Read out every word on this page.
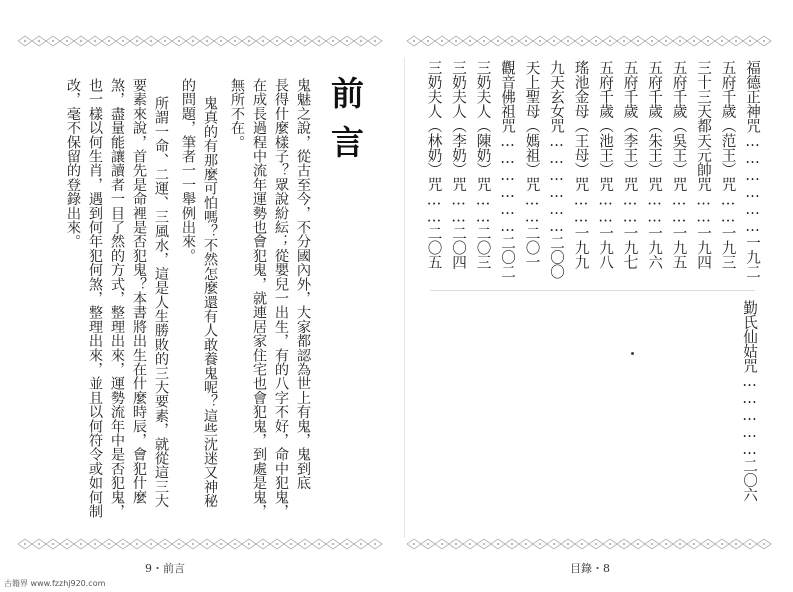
前言
鬼魅之說，從古至今，不分國內外，大家都認為世上有鬼，鬼到底
長得什麼樣子？眾說紛紜；從嬰兒一出生，有的八字不好，命中犯鬼，
在成長過程中流年運勢也會犯鬼，就連居家住宅也會犯鬼，到處是鬼，
無所不在。
鬼真的有那麼可怕嗎？不然怎麼還有人敢養鬼呢？這些沈迷又神秘
的問題，筆者一一舉例出來。
所謂一命、二運、三風水，這是人生勝敗的三大要素，就從這三大
要素來說，首先是命裡是否犯鬼？本書將出生在什麼時辰，會犯什麼
煞，盡量能讓讀者一目了然的方式，整理出來，運勢流年中是否犯鬼，
也一樣以何生肖，遇到何年犯何煞，整理出來，並且以何符令或如何制
改，毫不保留的登錄出來。
9・前言
福德正神咒………………一九二
五府千歲（范王）咒……一九三
三十三天都天元帥咒……一九四
五府千歲（吳王）咒……一九五
五府千歲（朱王）咒……一九六
五府千歲（李王）咒……一九七
五府千歲（池王）咒……一九八
瑤池金母（王母）咒……一九九
九天玄女咒………………二〇〇
天上聖母（媽祖）咒……二〇一
觀音佛祖咒………………二〇二
三奶夫人（陳奶）咒……二〇三
三奶夫人（李奶）咒……二〇四
三奶夫人（林奶）咒……二〇五
勤氏仙姑咒……………二〇六
目錄・8
古籍界 www.fzzhj920.com
